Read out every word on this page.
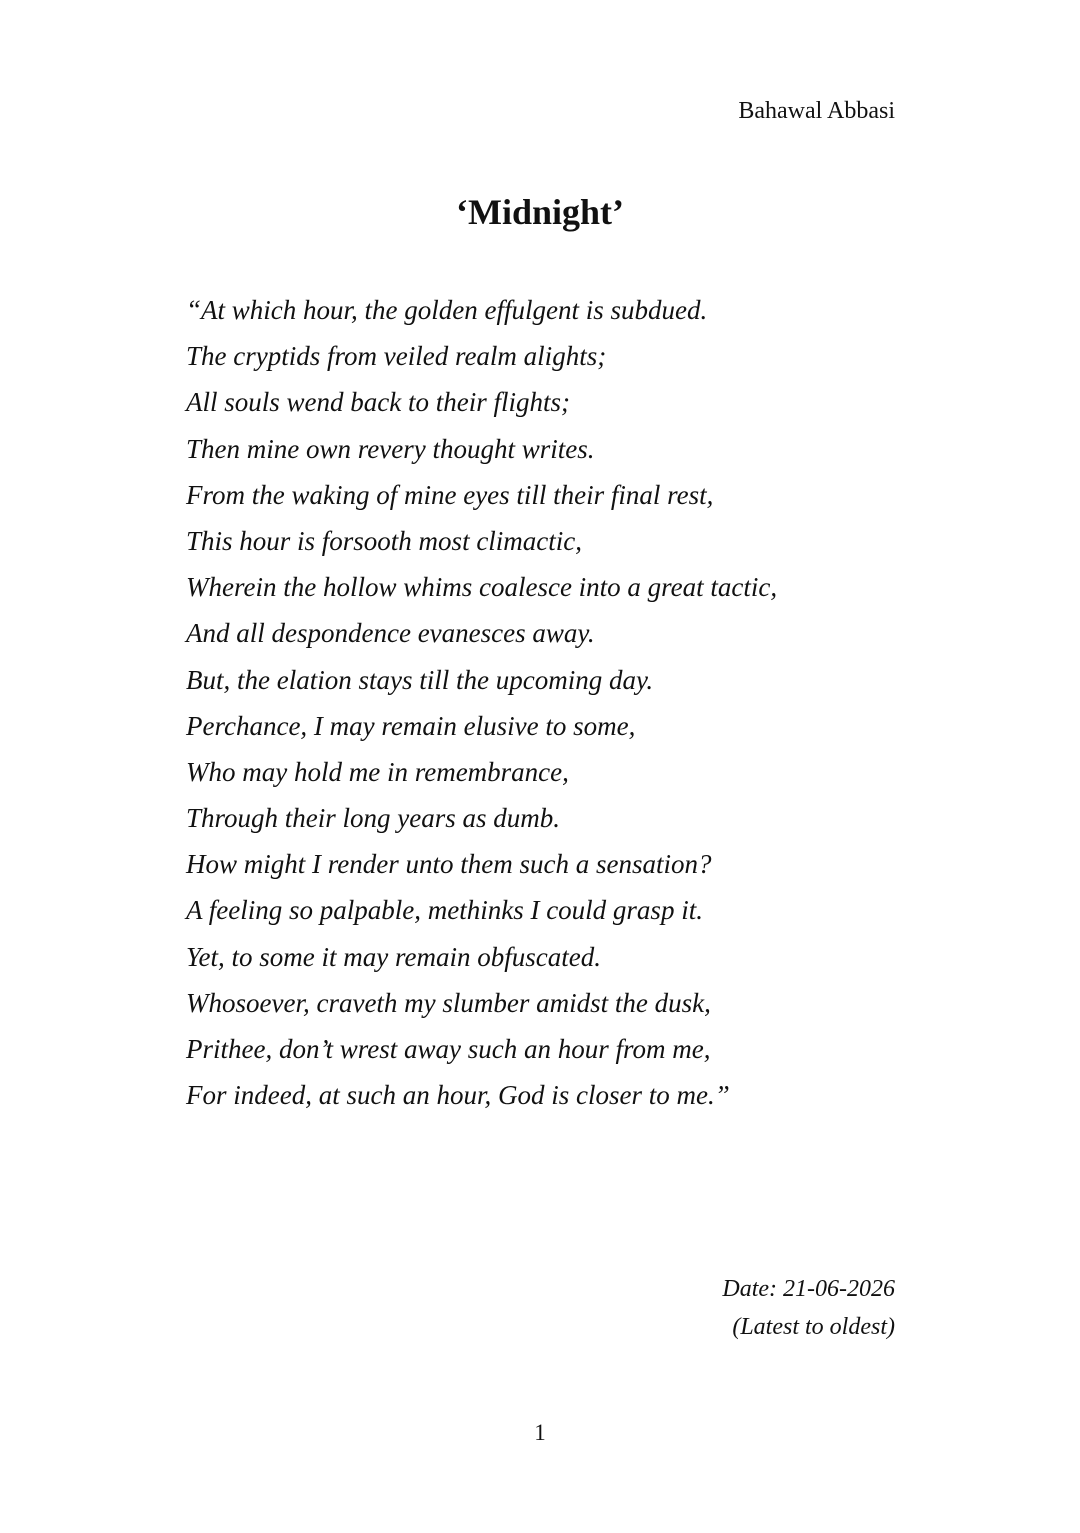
Bahawal Abbasi
‘Midnight’
“At which hour, the golden effulgent is subdued.
The cryptids from veiled realm alights;
All souls wend back to their flights;
Then mine own revery thought writes.
From the waking of mine eyes till their final rest,
This hour is forsooth most climactic,
Wherein the hollow whims coalesce into a great tactic,
And all despondence evanesces away.
But, the elation stays till the upcoming day.
Perchance, I may remain elusive to some,
Who may hold me in remembrance,
Through their long years as dumb.
How might I render unto them such a sensation?
A feeling so palpable, methinks I could grasp it.
Yet, to some it may remain obfuscated.
Whosoever, craveth my slumber amidst the dusk,
Prithee, don’t wrest away such an hour from me,
For indeed, at such an hour, God is closer to me.”
Date: 21-06-2026
(Latest to oldest)
1
